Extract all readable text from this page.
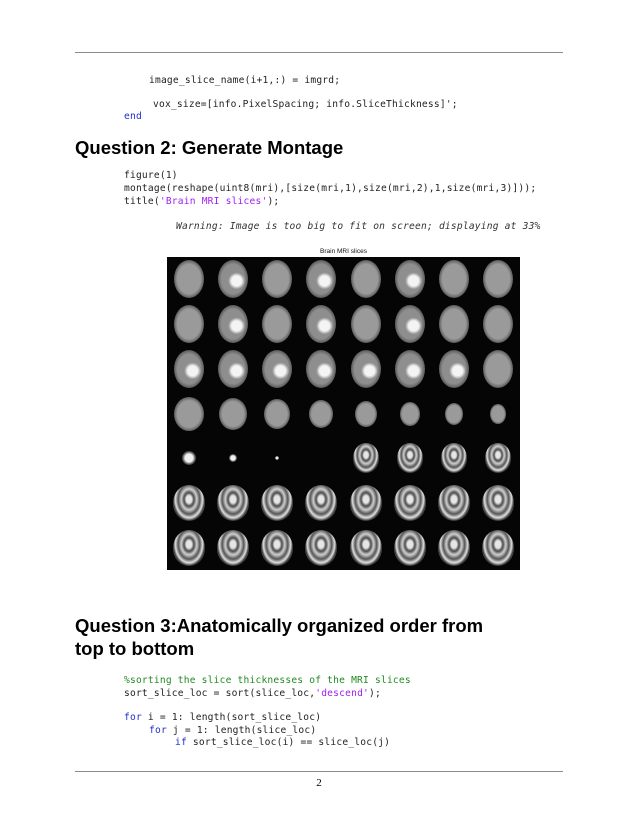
image_slice_name(i+1,:) = imgrd;
vox_size=[info.PixelSpacing; info.SliceThickness]';
end
Question 2: Generate Montage
figure(1)
montage(reshape(uint8(mri),[size(mri,1),size(mri,2),1,size(mri,3)]));
title('Brain MRI slices');
Warning: Image is too big to fit on screen; displaying at 33%
Brain MRI slices
Question 3:Anatomically organized order from
top to bottom
%sorting the slice thicknesses of the MRI slices
sort_slice_loc = sort(slice_loc,'descend');
for i = 1: length(sort_slice_loc)
for j = 1: length(slice_loc)
if sort_slice_loc(i) == slice_loc(j)
2
